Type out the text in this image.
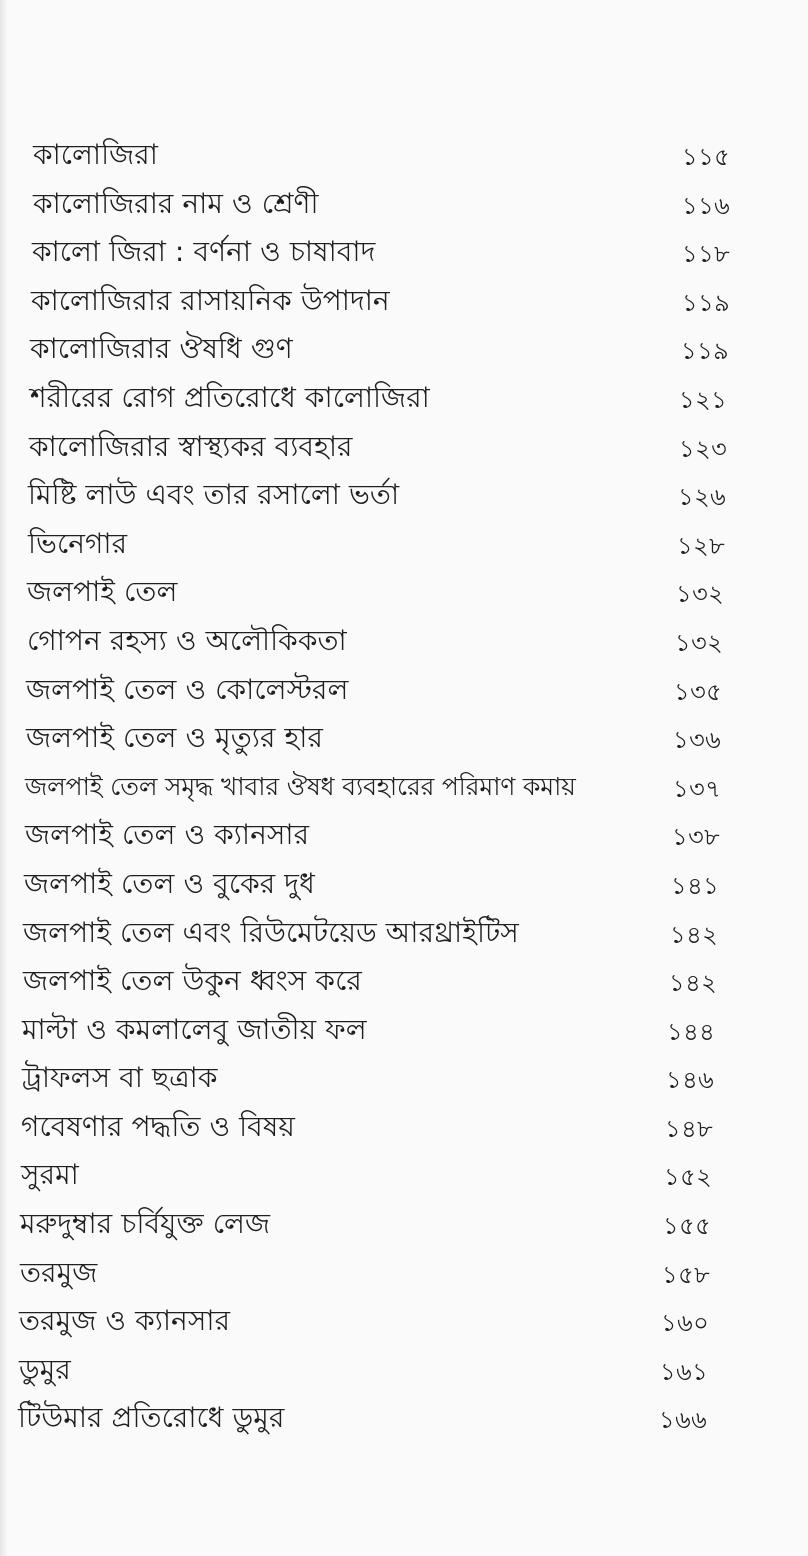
কালোজিরা	১১৫
কালোজিরার নাম ও শ্রেণী	১১৬
কালো জিরা : বর্ণনা ও চাষাবাদ	১১৮
কালোজিরার রাসায়নিক উপাদান	১১৯
কালোজিরার ঔষধি গুণ	১১৯
শরীরের রোগ প্রতিরোধে কালোজিরা	১২১
কালোজিরার স্বাস্থ্যকর ব্যবহার	১২৩
মিষ্টি লাউ এবং তার রসালো ভর্তা	১২৬
ভিনেগার	১২৮
জলপাই তেল	১৩২
গোপন রহস্য ও অলৌকিকতা	১৩২
জলপাই তেল ও কোলেস্টরল	১৩৫
জলপাই তেল ও মৃত্যুর হার	১৩৬
জলপাই তেল সমৃদ্ধ খাবার ঔষধ ব্যবহারের পরিমাণ কমায়	১৩৭
জলপাই তেল ও ক্যানসার	১৩৮
জলপাই তেল ও বুকের দুধ	১৪১
জলপাই তেল এবং রিউমেটয়েড আরথ্রাইটিস	১৪২
জলপাই তেল উকুন ধ্বংস করে	১৪২
মাল্টা ও কমলালেবু জাতীয় ফল	১৪৪
ট্রাফলস বা ছত্রাক	১৪৬
গবেষণার পদ্ধতি ও বিষয়	১৪৮
সুরমা	১৫২
মরুদুম্বার চর্বিযুক্ত লেজ	১৫৫
তরমুজ	১৫৮
তরমুজ ও ক্যানসার	১৬০
ডুমুর	১৬১
টিউমার প্রতিরোধে ডুমুর	১৬৬
